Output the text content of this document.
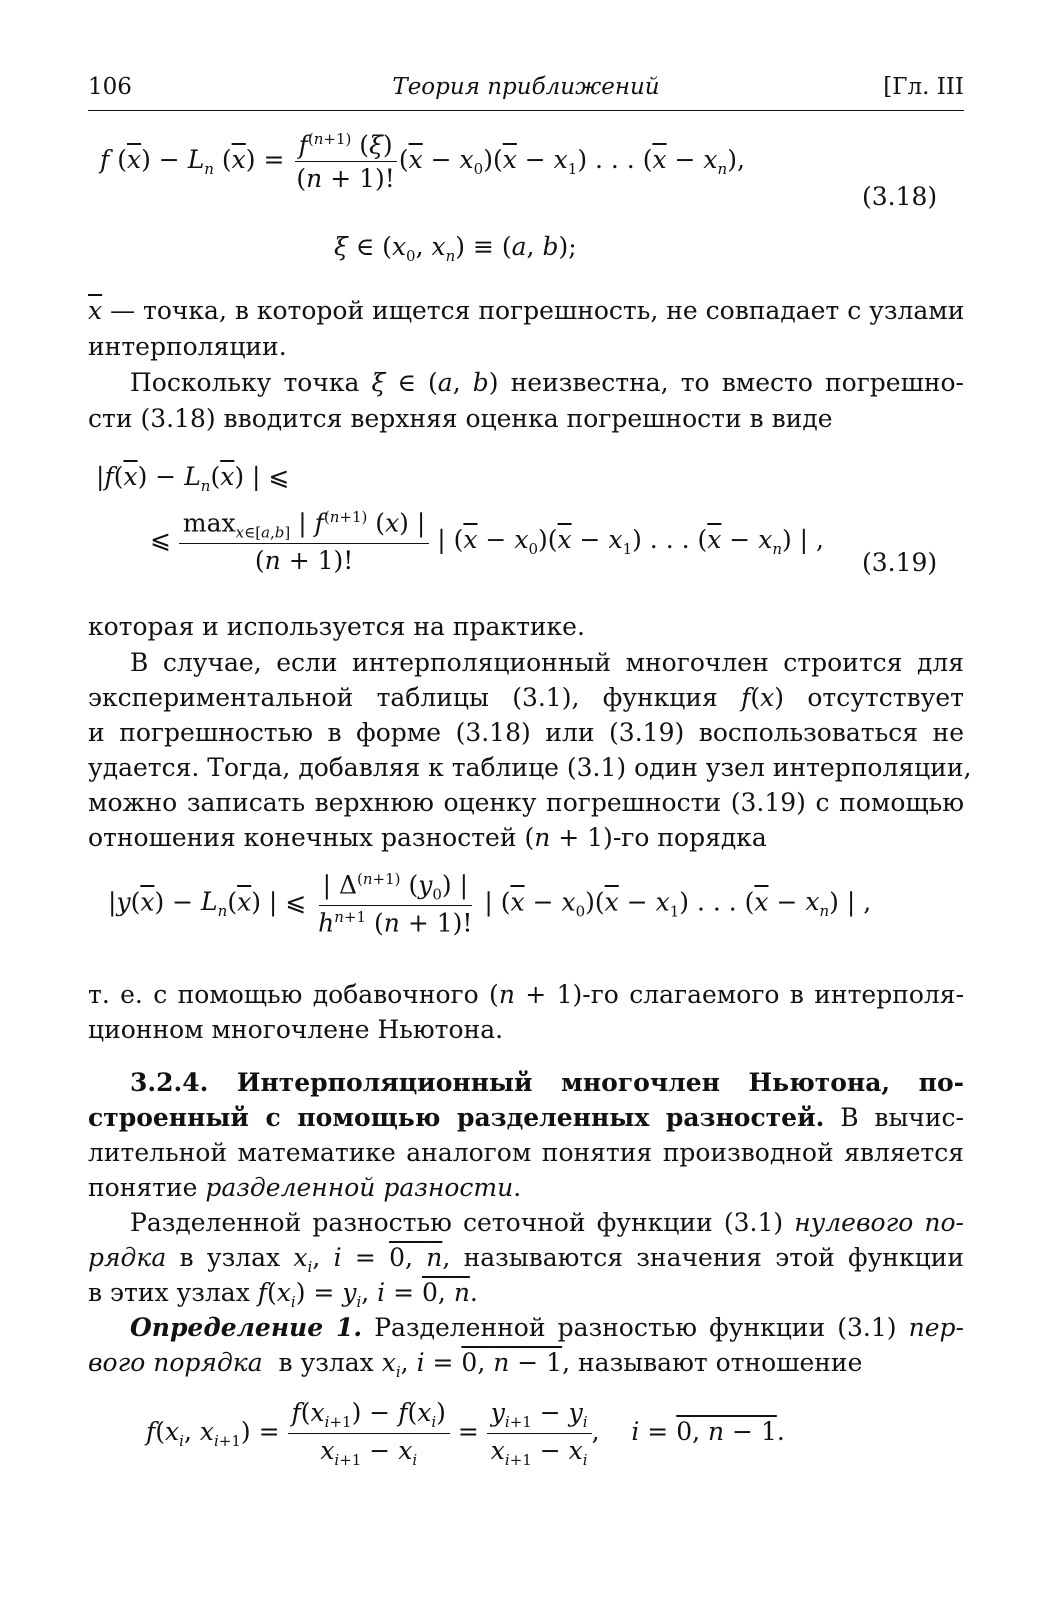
106	Теория приближений	[Гл. III
f $(\overline{x}) - L_n$ $(\overline{x}) = \frac{f^{(n+1)} (\xi)}{(n + 1)!} (\overline{x} - x_0)(\overline{x} - x_1)$ . . . $(\overline{x} - x_n)$,
ξ ∈ ($x_0$, $x_n) \equiv (a$, b);
(3.18)
$\overline{x}$ — точка, в которой ищется погрешность, не совпадает с узлами
интерполяции.
Поскольку точка ξ ∈ (a, b) неизвестна, то вместо погрешно-
сти (3.18) вводится верхняя оценка погрешности в виде
$|f(\overline{x}) - L_n(\overline{x})$ | ⩽
⩽ $\frac{\max_{x\in[a,b]} | f^{(n+1)} (x) |}{(n + 1)!}$ | $(\overline{x} - x_0)(\overline{x} - x_1)$ . . . $(\overline{x} - x_n)$ | ,
(3.19)
которая и используется на практике.
В случае, если интерполяционный многочлен строится для
экспериментальной таблицы (3.1), функция f(x) отсутствует
и погрешностью в форме (3.18) или (3.19) воспользоваться не
удается. Тогда, добавляя к таблице (3.1) один узел интерполяции,
можно записать верхнюю оценку погрешности (3.19) с помощью
отношения конечных разностей (n + 1)-го порядка
$|y(\overline{x}) - L_n(\overline{x})$ | ⩽ $\frac{| \Delta^{(n+1)} (y_0) |}{h^{n+1} (n + 1)!}$ | $(\overline{x} - x_0)(\overline{x} - x_1)$ . . . $(\overline{x} - x_n)$ | ,
т. е. с помощью добавочного (n + 1)-го слагаемого в интерполя-
ционном многочлене Ньютона.
3.2.4. Интерполяционный многочлен Ньютона, по-
строенный с помощью разделенных разностей. В вычис-
лительной математике аналогом понятия производной является
понятие разделенной разности.
Разделенной разностью сеточной функции (3.1) нулевого по-
рядка в узлах $x_i$, i = 0, n, называются значения этой функции
в этих узлах $f(x_i) = y_i$, i = 0, n.
Определение 1. Разделенной разностью функции (3.1) пер-
вого порядка в узлах $x_i$, i = 0, n − 1, называют отношение
$f(x_i$, $x_{i+1}) = \frac{f(x_{i+1}) - f(x_i)}{x_{i+1} - x_i} = \frac{y_{i+1} - y_i}{x_{i+1} - x_i}$ ,    i = 0, n − 1.
